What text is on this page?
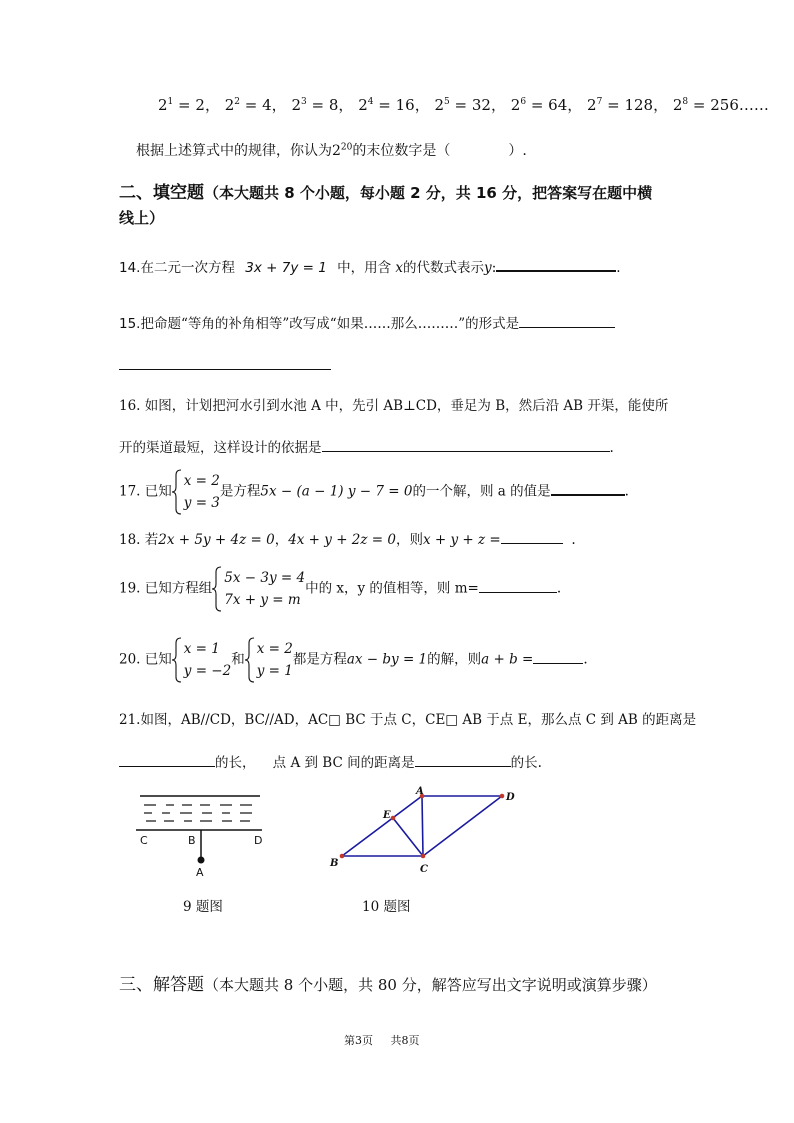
$2^1 = 2$， $2^2 = 4$， $2^3 = 8$， $2^4 = 16$， $2^5 = 32$， $2^6 = 64$， $2^7 = 128$， $2^8$ = 256……
根据上述算式中的规律，你认为$2^{20}$的末位数字是（	）.
二、填空题（本大题共 8 个小题，每小题 2 分，共 16 分，把答案写在题中横
线上）
14.在二元一次方程 3x + 7y = 1 中，用含 x的代数式表示y:	.
15.把命题“等角的补角相等”改写成“如果……那么………”的形式是
16. 如图，计划把河水引到水池 A 中，先引 AB⊥CD，垂足为 B，然后沿 AB 开渠，能使所
开的渠道最短，这样设计的依据是	.
17. 已知
x = 2
y = 3
是方程5x − (a − 1) y − 7 = 0的一个解，则 a 的值是	.
18. 若2x + 5y + 4z = 0，4x + y + 2z = 0，则x + y + z =	.
19. 已知方程组
5x − 3y = 4
7x + y = m
中的 x，y 的值相等，则 m=	.
20. 已知
x = 1
y = −2
和
x = 2
y = 1
都是方程ax − by = 1的解，则a + b =	.
21.如图，AB//CD，BC//AD，AC□ BC 于点 C，CE□ AB 于点 E，那么点 C 到 AB 的距离是
的长， 点 A 到 BC 间的距离是	的长.
C	B	D
A
9 题图
A
D
E
B
C
10 题图
三、解答题（本大题共 8 个小题，共 80 分，解答应写出文字说明或演算步骤）
第3页 共8页
